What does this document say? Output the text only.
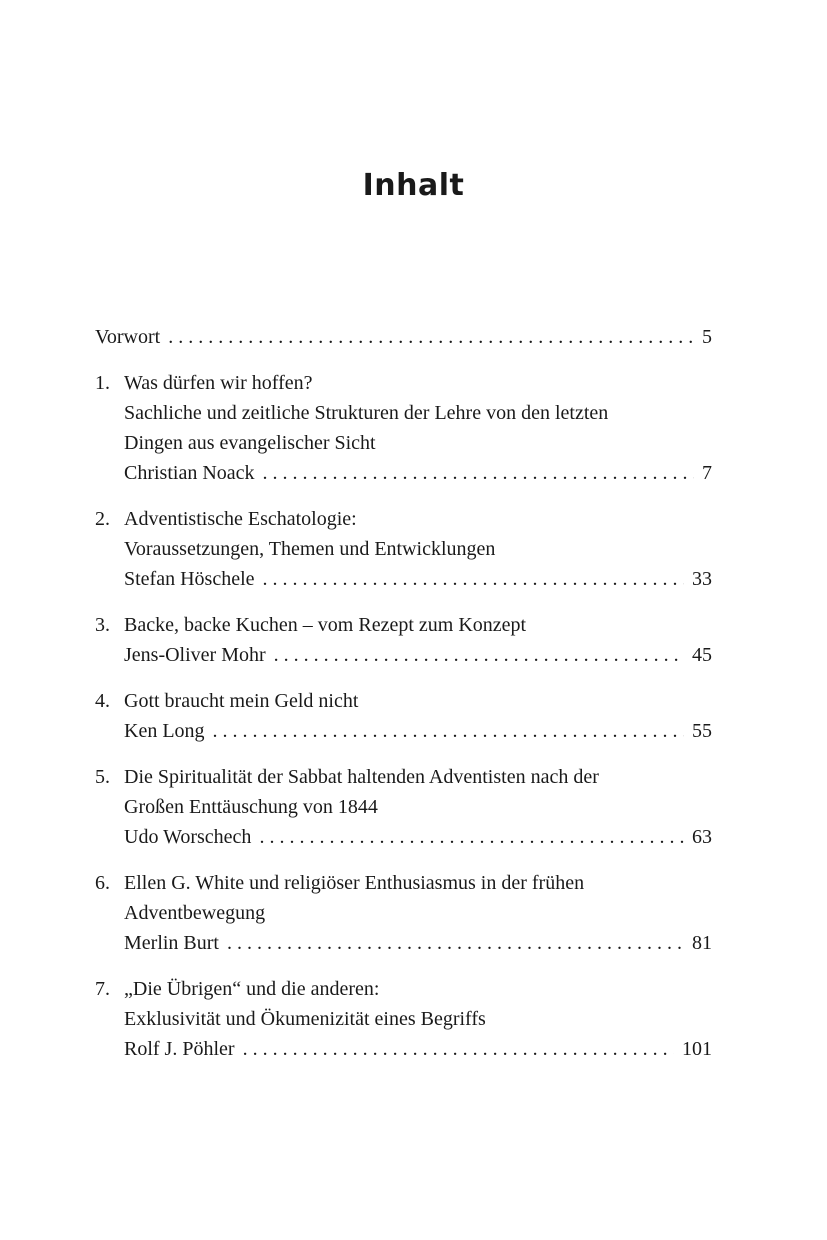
Inhalt
Vorwort . . .	5
1. Was dürfen wir hoffen?
Sachliche und zeitliche Strukturen der Lehre von den letzten
Dingen aus evangelischer Sicht
Christian Noack . . .	7
2. Adventistische Eschatologie:
Voraussetzungen, Themen und Entwicklungen
Stefan Höschele . . .	33
3. Backe, backe Kuchen – vom Rezept zum Konzept
Jens-Oliver Mohr . . .	45
4. Gott braucht mein Geld nicht
Ken Long . . .	55
5. Die Spiritualität der Sabbat haltenden Adventisten nach der
Großen Enttäuschung von 1844
Udo Worschech . . .	63
6. Ellen G. White und religiöser Enthusiasmus in der frühen
Adventbewegung
Merlin Burt . . .	81
7. „Die Übrigen“ und die anderen:
Exklusivität und Ökumenizität eines Begriffs
Rolf J. Pöhler . . .	101
